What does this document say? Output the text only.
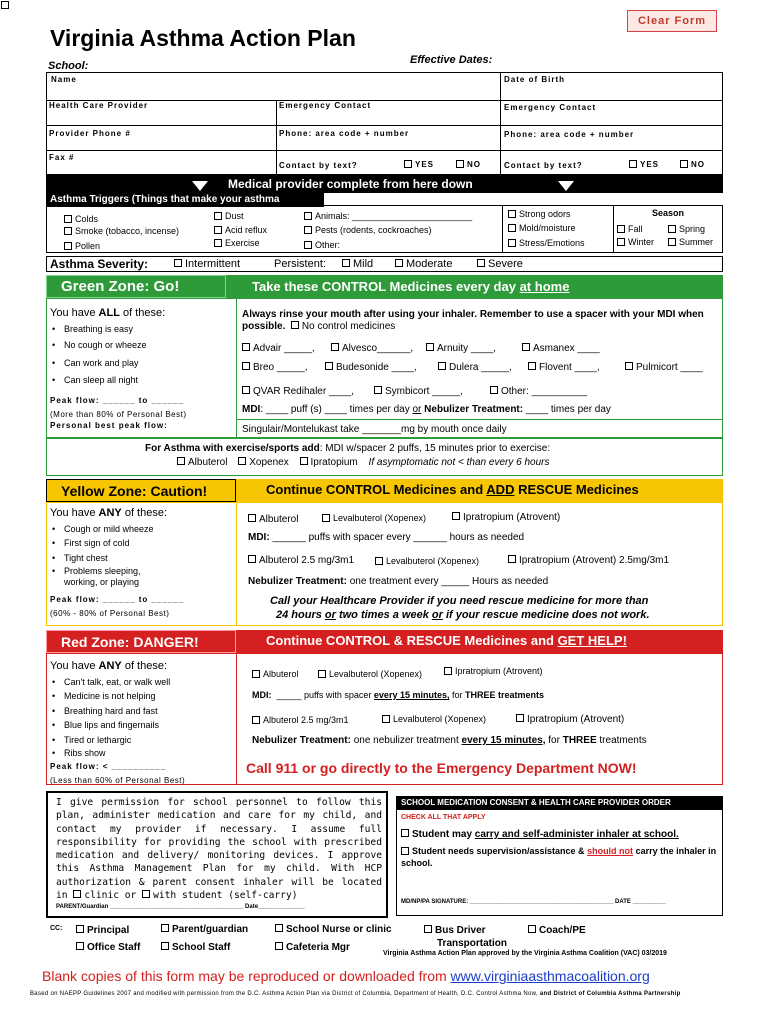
Clear Form
Virginia Asthma Action Plan
School:	Effective Dates:
Name	Date of Birth
Health Care Provider	Emergency Contact	Emergency Contact
Provider Phone #	Phone: area code + number	Phone: area code + number
Fax #
Contact by text?	YES	NO	Contact by text?	YES	NO
Medical provider complete from here down
Asthma Triggers (Things that make your asthma
Colds
Smoke (tobacco, incense)
Pollen
Dust
Acid reflux
Exercise
Animals: ________________________
Pests (rodents, cockroaches)
Other:
Strong odors
Mold/moisture
Stress/Emotions
Season
Fall	Spring
Winter	Summer
Asthma Severity:	Intermittent	Persistent:	Mild	Moderate	Severe
Green Zone: Go!	Take these CONTROL Medicines every day at home
You have ALL of these:
• Breathing is easy
• No cough or wheeze
• Can work and play
• Can sleep all night
Peak flow: ______ to ______
(More than 80% of Personal Best)
Personal best peak flow:
Always rinse your mouth after using your inhaler. Remember to use a spacer with your MDI when possible. No control medicines
Advair _____,	Alvesco______,	Arnuity ____,	Asmanex ____
Breo _____,	Budesonide ____,	Dulera _____,	Flovent ____,	Pulmicort ____
QVAR Redihaler ____,	Symbicort _____,	Other: __________
MDI: ____ puff (s) ____ times per day or Nebulizer Treatment: ____ times per day
Singulair/Montelukast take _______mg by mouth once daily
For Asthma with exercise/sports add: MDI w/spacer 2 puffs, 15 minutes prior to exercise:
Albuterol Xopenex Ipratopium If asymptomatic not < than every 6 hours
Yellow Zone: Caution!	Continue CONTROL Medicines and ADD RESCUE Medicines
You have ANY of these:
• Cough or mild wheeze
• First sign of cold
• Tight chest
• Problems sleeping,
working, or playing
Peak flow: ______ to ______
(60% - 80% of Personal Best)
Albuterol	Levalbuterol (Xopenex)	Ipratropium (Atrovent)
MDI: ______ puffs with spacer every ______ hours as needed
Albuterol 2.5 mg/3m1	Levalbuterol (Xopenex)	Ipratropium (Atrovent) 2.5mg/3m1
Nebulizer Treatment: one treatment every _____ Hours as needed
Call your Healthcare Provider if you need rescue medicine for more than
24 hours or two times a week or if your rescue medicine does not work.
Red Zone: DANGER!	Continue CONTROL & RESCUE Medicines and GET HELP!
You have ANY of these:
• Can't talk, eat, or walk well
• Medicine is not helping
• Breathing hard and fast
• Blue lips and fingernails
• Tired or lethargic
• Ribs show
Peak flow: < __________
(Less than 60% of Personal Best)
Albuterol	Levalbuterol (Xopenex)	Ipratropium (Atrovent)
MDI: _____ puffs with spacer every 15 minutes, for THREE treatments
Albuterol 2.5 mg/3m1	Levalbuterol (Xopenex)	Ipratropium (Atrovent)
Nebulizer Treatment: one nebulizer treatment every 15 minutes, for THREE treatments
Call 911 or go directly to the Emergency Department NOW!
I give permission for school personnel to follow this plan, administer medication and care for my child, and contact my provider if necessary. I assume full responsibility for providing the school with prescribed medication and delivery/ monitoring devices. I approve this Asthma Management Plan for my child. With HCP authorization & parent consent inhaler will be located in clinic or with student (self-carry)
PARENT/Guardian ________________________________________ Date______________
SCHOOL MEDICATION CONSENT & HEALTH CARE PROVIDER ORDER
CHECK ALL THAT APPLY
Student may carry and self-administer inhaler at school.
Student needs supervision/assistance & should not carry the inhaler in school.
MD/NP/PA SIGNATURE: ___________________________________________ DATE __________
CC:	Principal	Parent/guardian	School Nurse or clinic	Bus Driver	Coach/PE
Office Staff	School Staff	Cafeteria Mgr	Transportation
Virginia Asthma Action Plan approved by the Virginia Asthma Coalition (VAC) 03/2019
Blank copies of this form may be reproduced or downloaded from www.virginiaasthmacoalition.org
Based on NAEPP Guidelines 2007 and modified with permission from the D.C. Asthma Action Plan via District of Columbia, Department of Health, D.C. Control Asthma Now, and District of Columbia Asthma Partnership
